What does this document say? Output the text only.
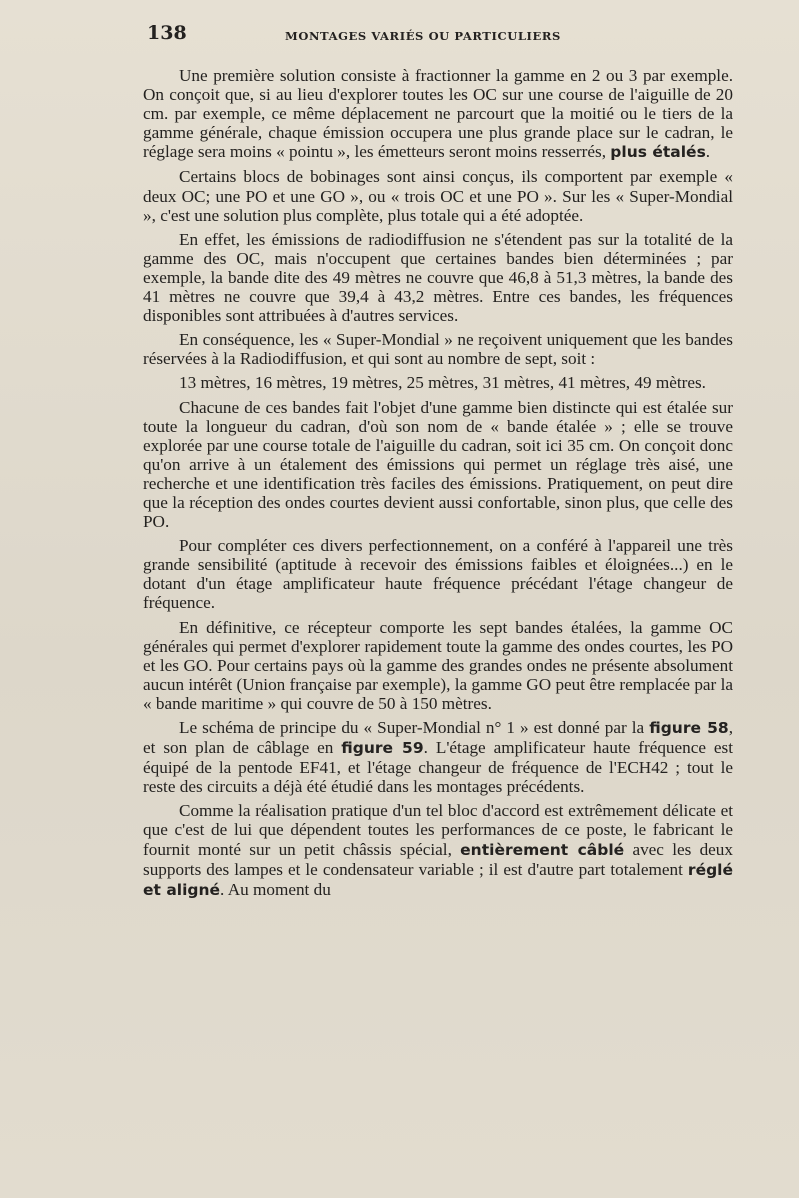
138	MONTAGES VARIÉS OU PARTICULIERS

Une première solution consiste à fractionner la gamme en 2 ou 3 par exemple. On conçoit que, si au lieu d'explorer toutes les OC sur une course de l'aiguille de 20 cm. par exemple, ce même déplacement ne parcourt que la moitié ou le tiers de la gamme générale, chaque émission occupera une plus grande place sur le cadran, le réglage sera moins « pointu », les émetteurs seront moins resserrés, plus étalés.

Certains blocs de bobinages sont ainsi conçus, ils comportent par exemple « deux OC; une PO et une GO », ou « trois OC et une PO ». Sur les « Super-Mondial », c'est une solution plus complète, plus totale qui a été adoptée.

En effet, les émissions de radiodiffusion ne s'étendent pas sur la totalité de la gamme des OC, mais n'occupent que certaines bandes bien déterminées ; par exemple, la bande dite des 49 mètres ne couvre que 46,8 à 51,3 mètres, la bande des 41 mètres ne couvre que 39,4 à 43,2 mètres. Entre ces bandes, les fréquences disponibles sont attribuées à d'autres services.

En conséquence, les « Super-Mondial » ne reçoivent uniquement que les bandes réservées à la Radiodiffusion, et qui sont au nombre de sept, soit :

13 mètres, 16 mètres, 19 mètres, 25 mètres, 31 mètres, 41 mètres, 49 mètres.

Chacune de ces bandes fait l'objet d'une gamme bien distincte qui est étalée sur toute la longueur du cadran, d'où son nom de « bande étalée » ; elle se trouve explorée par une course totale de l'aiguille du cadran, soit ici 35 cm. On conçoit donc qu'on arrive à un étalement des émissions qui permet un réglage très aisé, une recherche et une identification très faciles des émissions. Pratiquement, on peut dire que la réception des ondes courtes devient aussi confortable, sinon plus, que celle des PO.

Pour compléter ces divers perfectionnement, on a conféré à l'appareil une très grande sensibilité (aptitude à recevoir des émissions faibles et éloignées...) en le dotant d'un étage amplificateur haute fréquence précédant l'étage changeur de fréquence.

En définitive, ce récepteur comporte les sept bandes étalées, la gamme OC générales qui permet d'explorer rapidement toute la gamme des ondes courtes, les PO et les GO. Pour certains pays où la gamme des grandes ondes ne présente absolument aucun intérêt (Union française par exemple), la gamme GO peut être remplacée par la « bande maritime » qui couvre de 50 à 150 mètres.

Le schéma de principe du « Super-Mondial n° 1 » est donné par la figure 58, et son plan de câblage en figure 59. L'étage amplificateur haute fréquence est équipé de la pentode EF41, et l'étage changeur de fréquence de l'ECH42 ; tout le reste des circuits a déjà été étudié dans les montages précédents.

Comme la réalisation pratique d'un tel bloc d'accord est extrêmement délicate et que c'est de lui que dépendent toutes les performances de ce poste, le fabricant le fournit monté sur un petit châssis spécial, entièrement câblé avec les deux supports des lampes et le condensateur variable ; il est d'autre part totalement réglé et aligné. Au moment du
